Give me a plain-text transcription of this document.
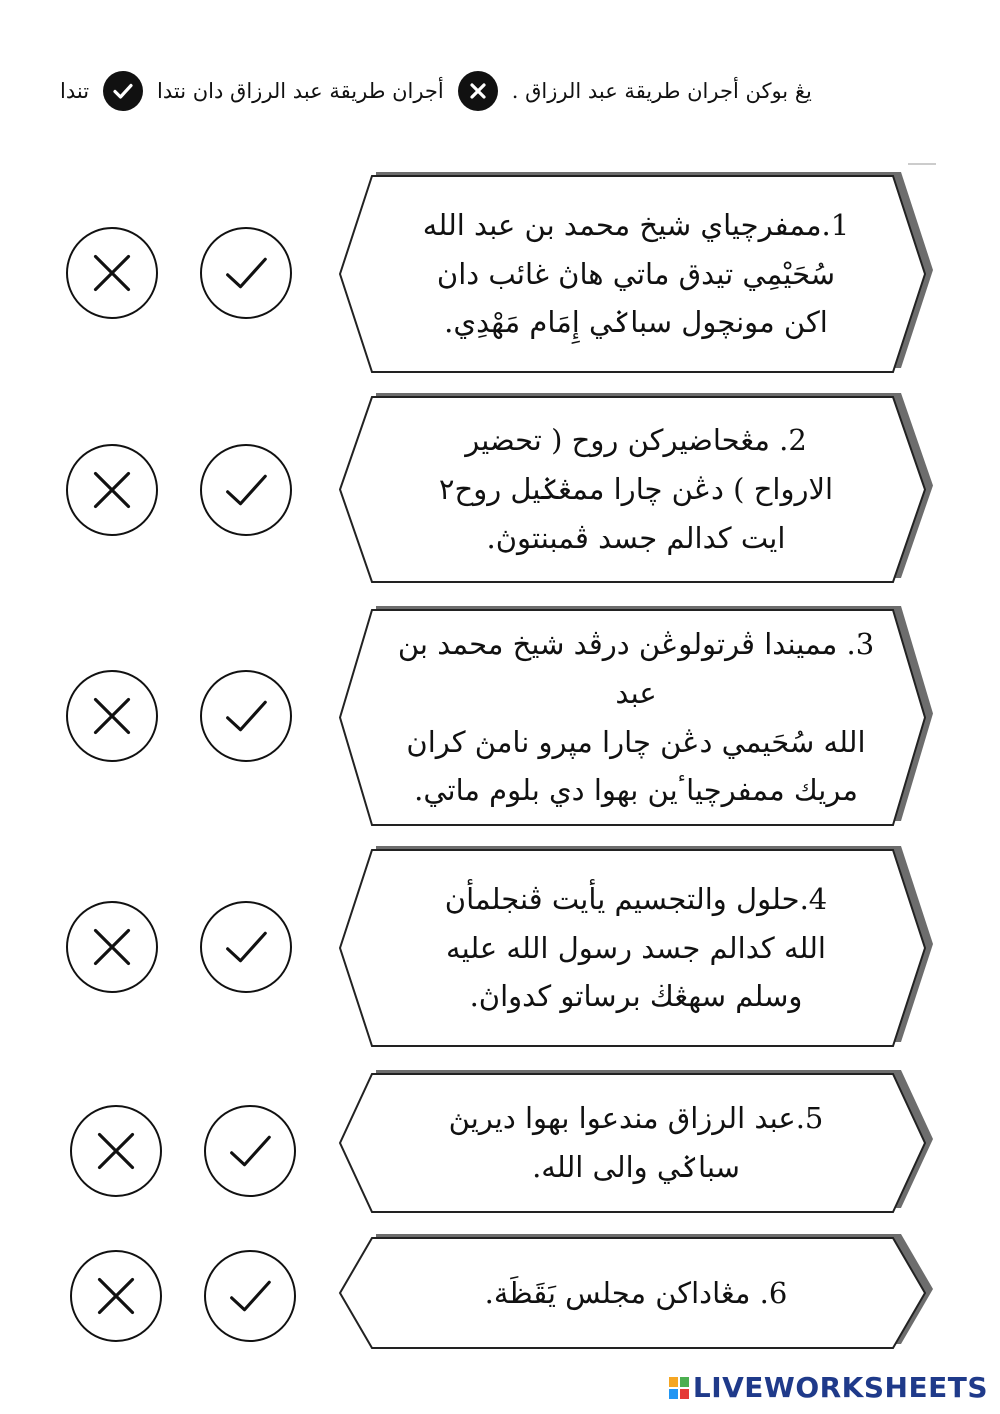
تندا	أجران طريقة عبد الرزاق دان نتدا	يڠ بوكن أجران طريقة عبد الرزاق .
1.ممفرچياي شيخ محمد بن عبد الله
سُحَيْمِي تيدق ماتي هاڽ غائب دان
اكن مونچول سباݢي إِمَام مَهْدِي.
2. مڠحاضيركن روح ( تحضير
الارواح ) دڠن چارا ممڠݢيل روح٢
ايت كدالم جسد ڤمبنتوڽ.
3. مميندا ڤرتولوڠن درڤد شيخ محمد بن عبد
الله سُحَيمي دڠن چارا مپرو نامڽ كران
مريك ممفرچياٴين بهوا دي بلوم ماتي.
4.حلول والتجسيم يأيت ڤنجلمأن
الله كدالم جسد رسول الله عليه
وسلم سهڠڬ برساتو كدواڽ.
5.عبد الرزاق مندعوا بهوا ديريڽ
سباݢي والى الله.
6. مڠاداكن مجلس يَقَظَة.
LIVEWORKSHEETS
